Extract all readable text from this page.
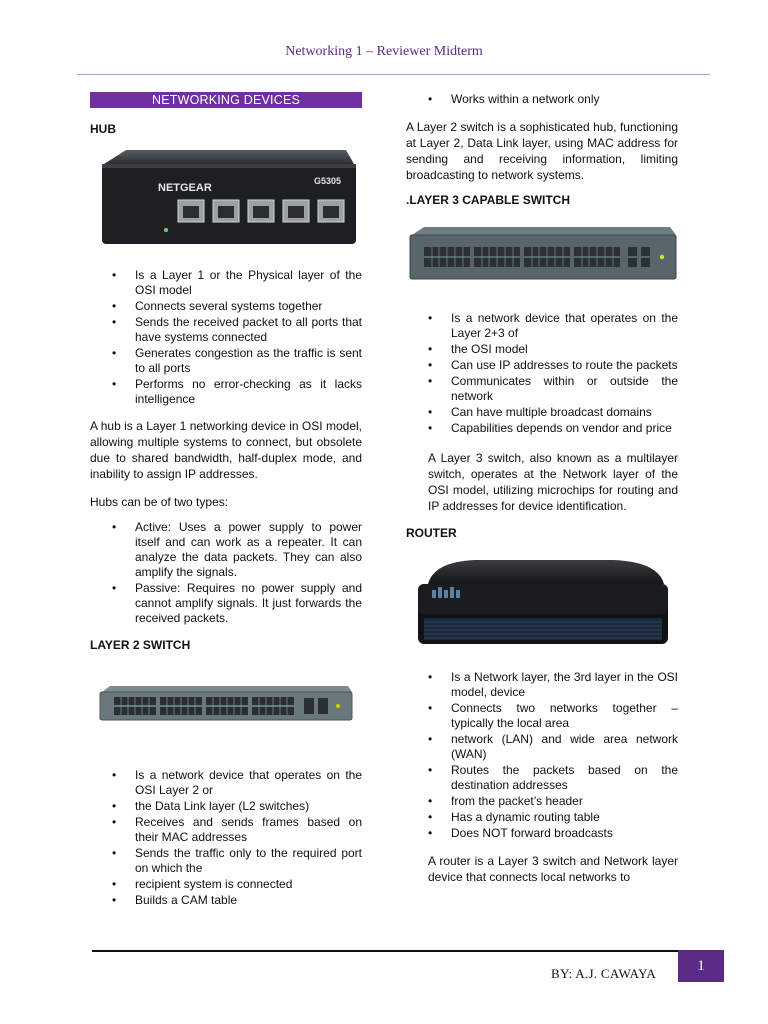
Networking 1 – Reviewer Midterm
NETWORKING DEVICES
HUB
NETGEAR
G5305
• Is a Layer 1 or the Physical layer of the OSI model
• Connects several systems together
• Sends the received packet to all ports that have systems connected
• Generates congestion as the traffic is sent to all ports
• Performs no error-checking as it lacks intelligence

A hub is a Layer 1 networking device in OSI model, allowing multiple systems to connect, but obsolete due to shared bandwidth, half-duplex mode, and inability to assign IP addresses.

Hubs can be of two types:

• Active: Uses a power supply to power itself and can work as a repeater. It can analyze the data packets. They can also amplify the signals.
• Passive: Requires no power supply and cannot amplify signals. It just forwards the received packets.
LAYER 2 SWITCH
• Is a network device that operates on the OSI Layer 2 or
• the Data Link layer (L2 switches)
• Receives and sends frames based on their MAC addresses
• Sends the traffic only to the required port on which the
• recipient system is connected
• Builds a CAM table
• Works within a network only

A Layer 2 switch is a sophisticated hub, functioning at Layer 2, Data Link layer, using MAC address for sending and receiving information, limiting broadcasting to network systems.

.LAYER 3 CAPABLE SWITCH
• Is a network device that operates on the Layer 2+3 of
• the OSI model
• Can use IP addresses to route the packets
• Communicates within or outside the network
• Can have multiple broadcast domains
• Capabilities depends on vendor and price

A Layer 3 switch, also known as a multilayer switch, operates at the Network layer of the OSI model, utilizing microchips for routing and IP addresses for device identification.

ROUTER
• Is a Network layer, the 3rd layer in the OSI model, device
• Connects two networks together – typically the local area
• network (LAN) and wide area network (WAN)
• Routes the packets based on the destination addresses
• from the packet’s header
• Has a dynamic routing table
• Does NOT forward broadcasts

A router is a Layer 3 switch and Network layer device that connects local networks to

BY: A.J. CAWAYA	1
